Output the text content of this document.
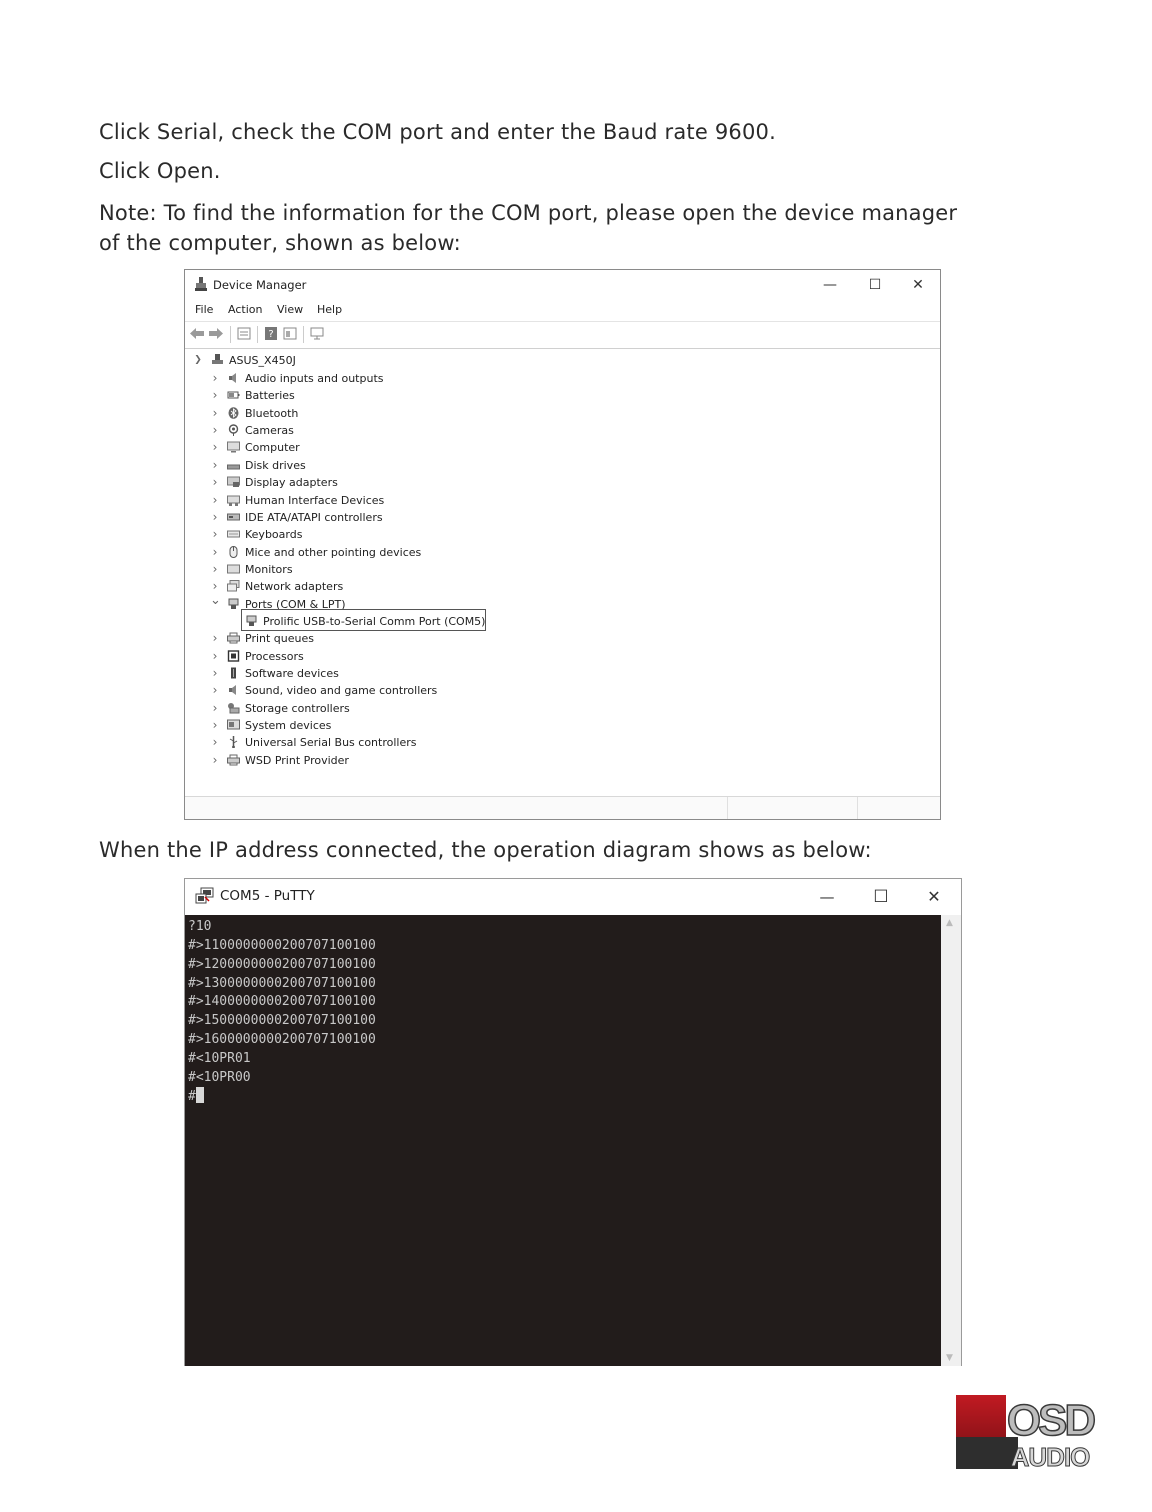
Click Serial, check the COM port and enter the Baud rate 9600.
Click Open.
Note: To find the information for the COM port, please open the device manager
of the computer, shown as below:
Device Manager	—	☐	✕
File Action View Help
?
❯ ASUS_X450J
›	Audio inputs and outputs
›	Batteries
›	Bluetooth
›	Cameras
›	Computer
›	Disk drives
›	Display adapters
›	Human Interface Devices
›	IDE ATA/ATAPI controllers
›	Keyboards
›	Mice and other pointing devices
›	Monitors
›	Network adapters
⌄ Ports (COM & LPT)
Prolific USB-to-Serial Comm Port (COM5)
›	Print queues
›	Processors
›	Software devices
›	Sound, video and game controllers
›	Storage controllers
›	System devices
›	Universal Serial Bus controllers
›	WSD Print Provider
When the IP address connected, the operation diagram shows as below:
COM5 - PuTTY	—	☐	✕
?10
#>1100000000200707100100
#>1200000000200707100100
#>1300000000200707100100
#>1400000000200707100100
#>1500000000200707100100
#>1600000000200707100100
#<10PR01
#<10PR00
#
▲
▼
OSD
AUDIO
